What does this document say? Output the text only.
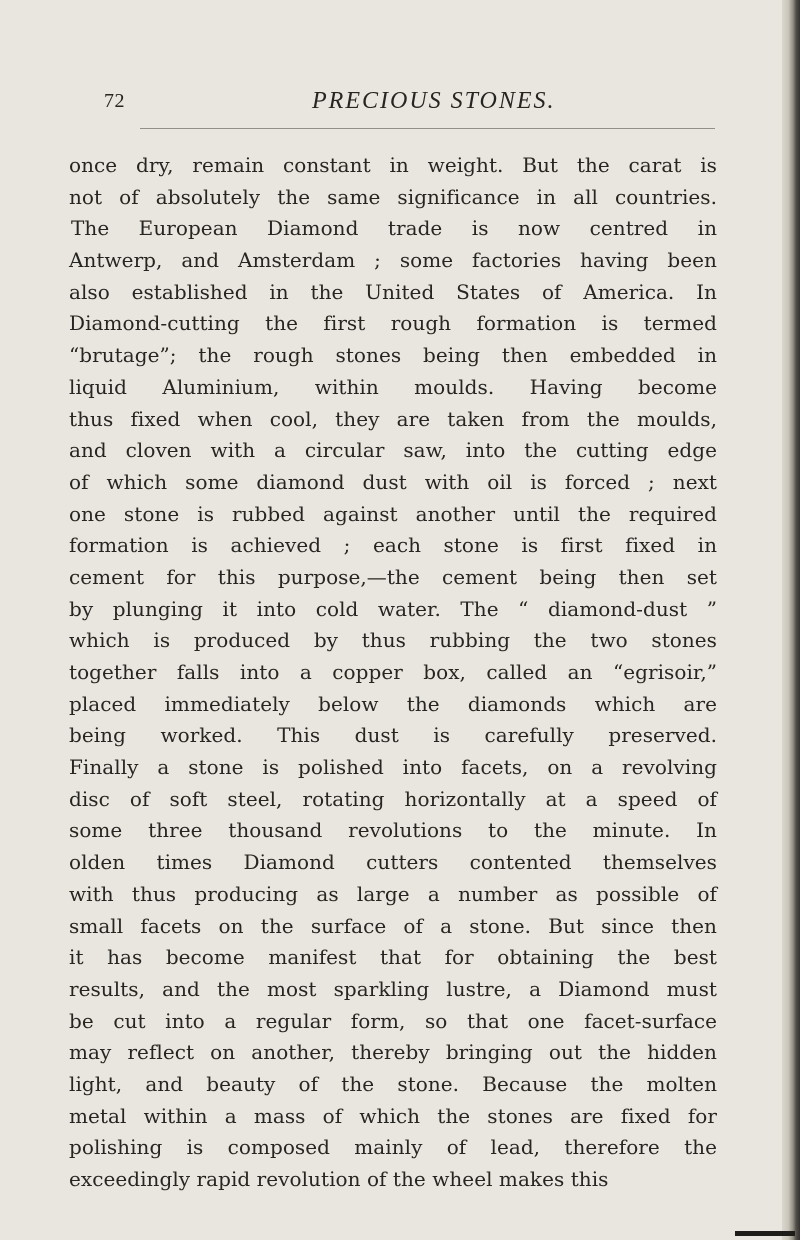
72	PRECIOUS STONES.

once dry, remain constant in weight. But the carat is
not of absolutely the same significance in all countries.
The European Diamond trade is now centred in
Antwerp, and Amsterdam ; some factories having been
also established in the United States of America. In
Diamond-cutting the first rough formation is termed
“brutage”; the rough stones being then embedded in
liquid Aluminium, within moulds. Having become
thus fixed when cool, they are taken from the moulds,
and cloven with a circular saw, into the cutting edge
of which some diamond dust with oil is forced ; next
one stone is rubbed against another until the required
formation is achieved ; each stone is first fixed in
cement for this purpose,—the cement being then set
by plunging it into cold water. The “ diamond-dust ”
which is produced by thus rubbing the two stones
together falls into a copper box, called an “egrisoir,”
placed immediately below the diamonds which are
being worked. This dust is carefully preserved.
Finally a stone is polished into facets, on a revolving
disc of soft steel, rotating horizontally at a speed of
some three thousand revolutions to the minute. In
olden times Diamond cutters contented themselves
with thus producing as large a number as possible of
small facets on the surface of a stone. But since then
it has become manifest that for obtaining the best
results, and the most sparkling lustre, a Diamond must
be cut into a regular form, so that one facet-surface
may reflect on another, thereby bringing out the hidden
light, and beauty of the stone. Because the molten
metal within a mass of which the stones are fixed for
polishing is composed mainly of lead, therefore the
exceedingly rapid revolution of the wheel makes this
